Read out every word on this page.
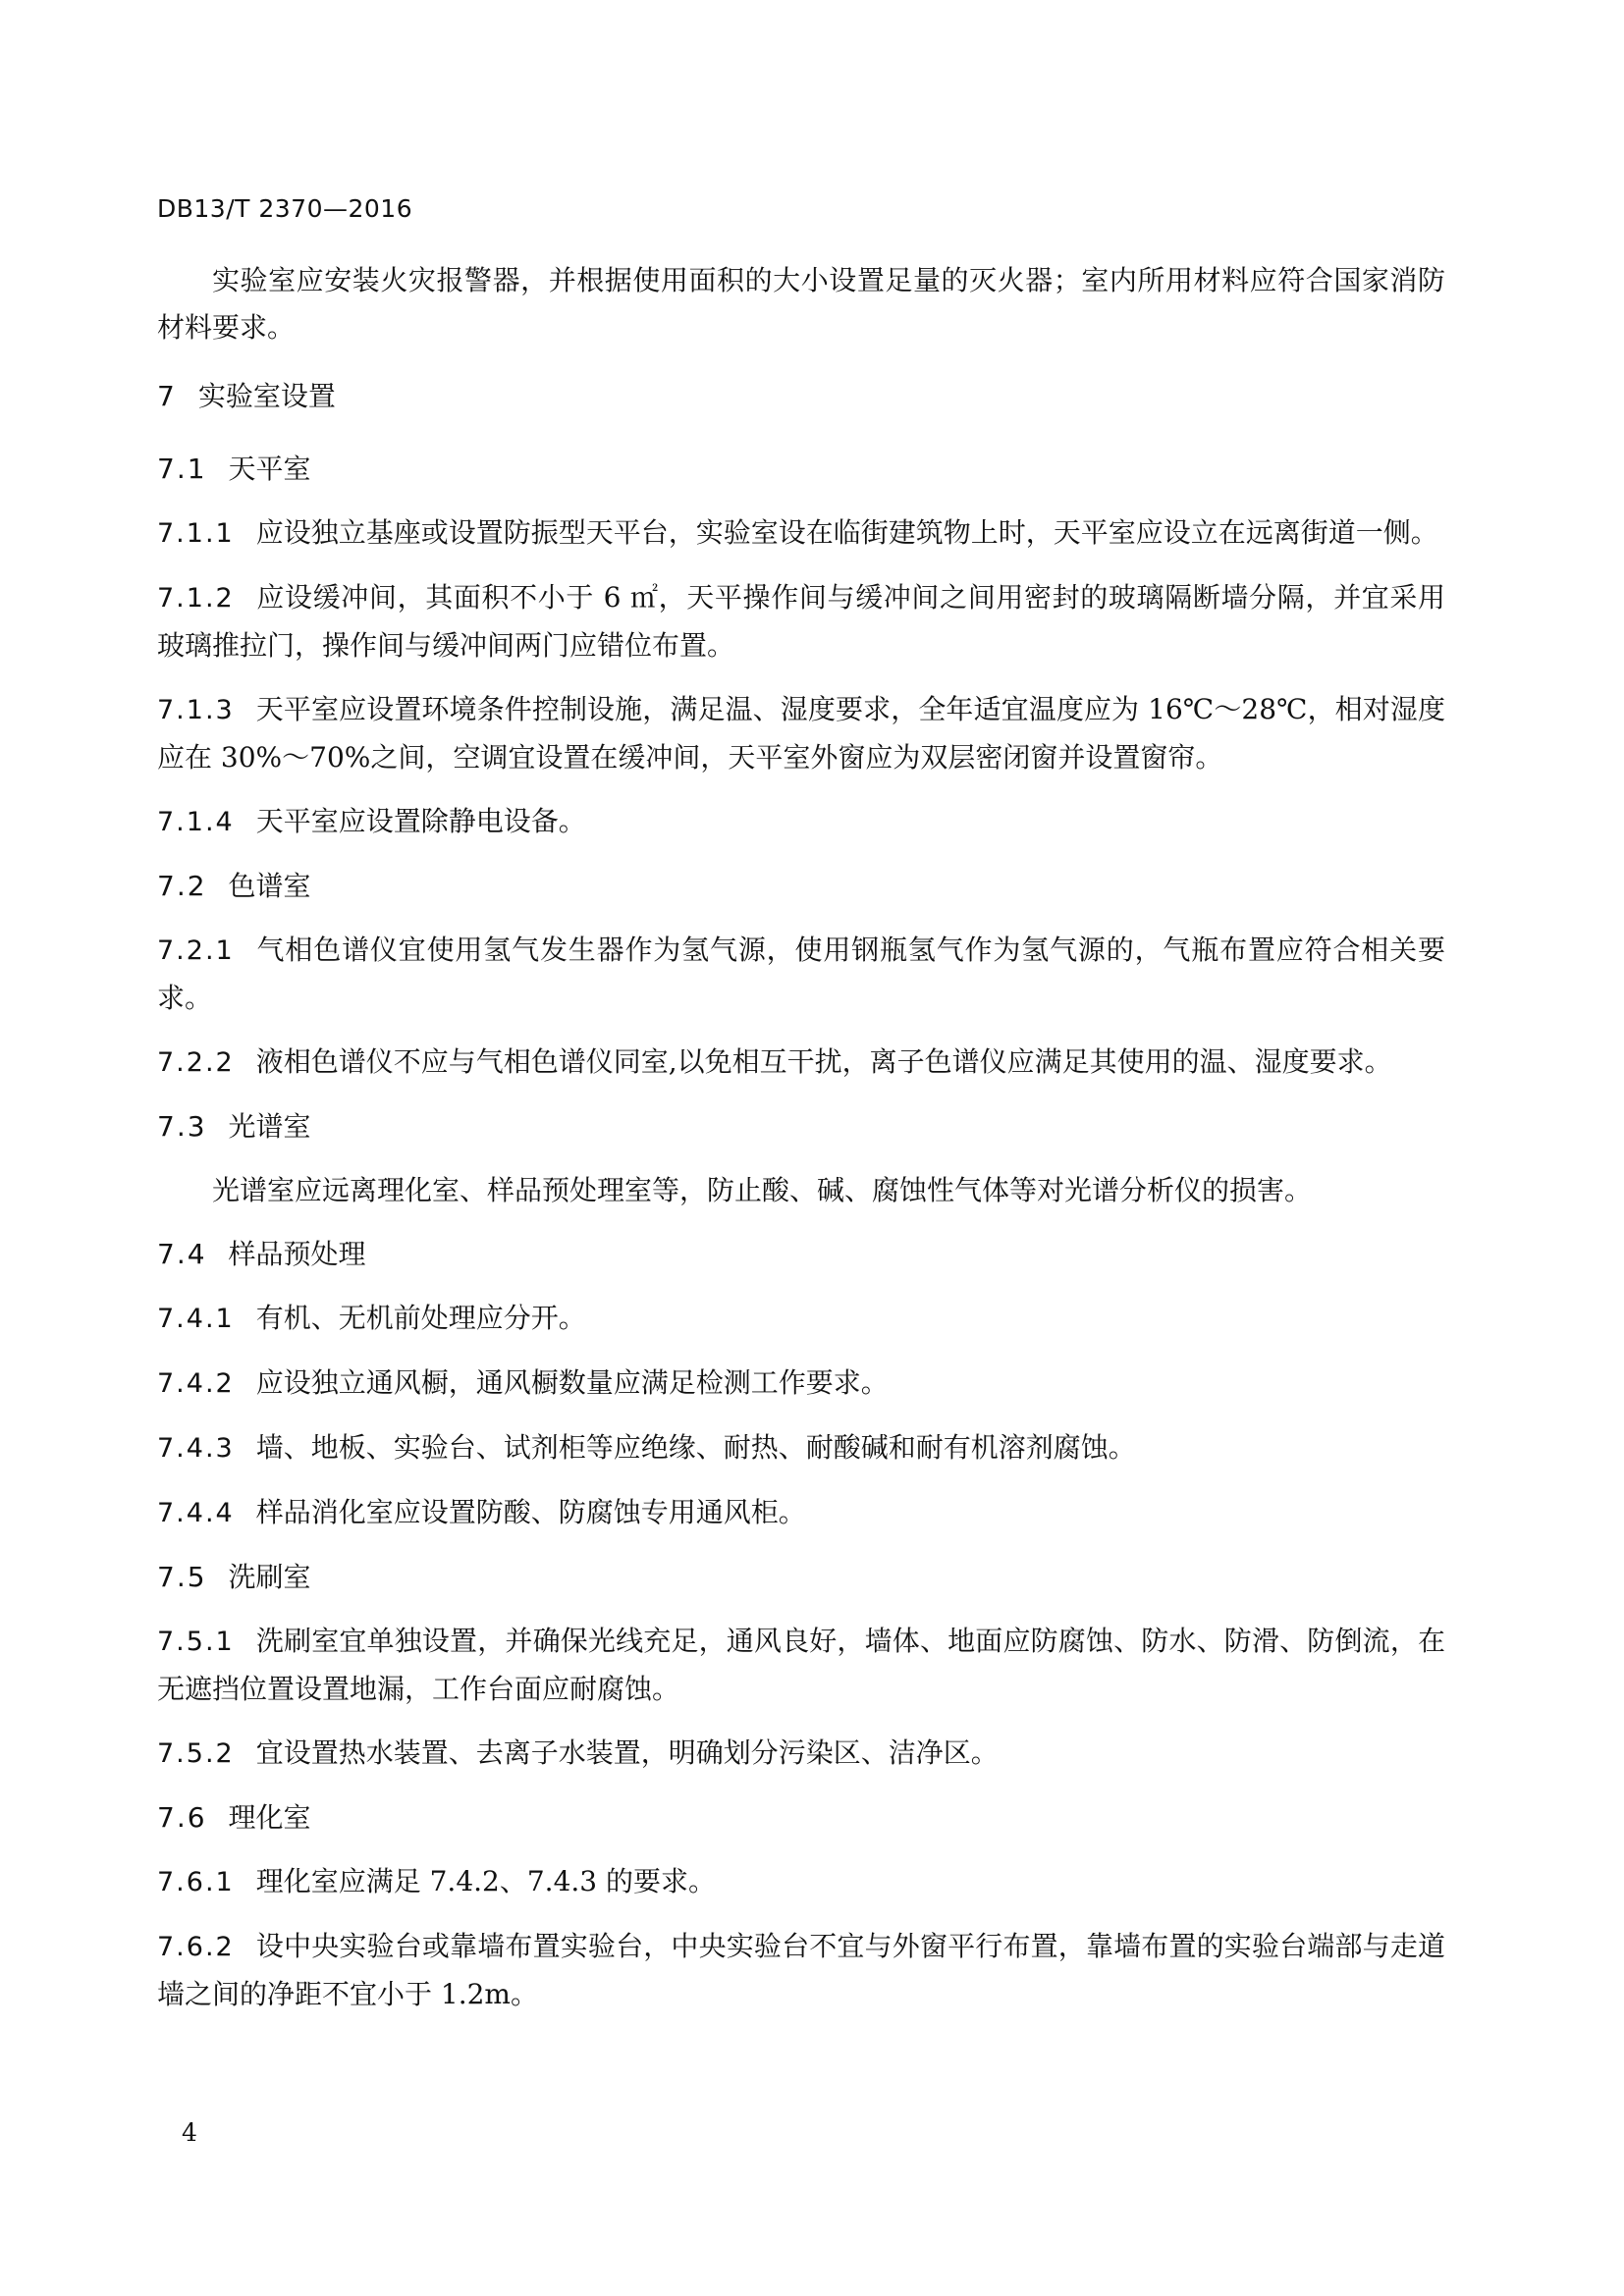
DB13/T 2370—2016

实验室应安装火灾报警器，并根据使用面积的大小设置足量的灭火器；室内所用材料应符合国家消防材料要求。

7 实验室设置
7.1 天平室

7.1.1 应设独立基座或设置防振型天平台，实验室设在临街建筑物上时，天平室应设立在远离街道一侧。

7.1.2 应设缓冲间，其面积不小于 6 ㎡，天平操作间与缓冲间之间用密封的玻璃隔断墙分隔，并宜采用玻璃推拉门，操作间与缓冲间两门应错位布置。

7.1.3 天平室应设置环境条件控制设施，满足温、湿度要求，全年适宜温度应为 16℃～28℃，相对湿度应在 30%～70%之间，空调宜设置在缓冲间，天平室外窗应为双层密闭窗并设置窗帘。

7.1.4 天平室应设置除静电设备。

7.2 色谱室

7.2.1 气相色谱仪宜使用氢气发生器作为氢气源，使用钢瓶氢气作为氢气源的，气瓶布置应符合相关要求。

7.2.2 液相色谱仪不应与气相色谱仪同室,以免相互干扰，离子色谱仪应满足其使用的温、湿度要求。

7.3 光谱室

光谱室应远离理化室、样品预处理室等，防止酸、碱、腐蚀性气体等对光谱分析仪的损害。

7.4 样品预处理

7.4.1 有机、无机前处理应分开。

7.4.2 应设独立通风橱，通风橱数量应满足检测工作要求。

7.4.3 墙、地板、实验台、试剂柜等应绝缘、耐热、耐酸碱和耐有机溶剂腐蚀。

7.4.4 样品消化室应设置防酸、防腐蚀专用通风柜。

7.5 洗刷室

7.5.1 洗刷室宜单独设置，并确保光线充足，通风良好，墙体、地面应防腐蚀、防水、防滑、防倒流，在无遮挡位置设置地漏，工作台面应耐腐蚀。

7.5.2 宜设置热水装置、去离子水装置，明确划分污染区、洁净区。

7.6 理化室

7.6.1 理化室应满足 7.4.2、7.4.3 的要求。

7.6.2 设中央实验台或靠墙布置实验台，中央实验台不宜与外窗平行布置，靠墙布置的实验台端部与走道墙之间的净距不宜小于 1.2m。

4
